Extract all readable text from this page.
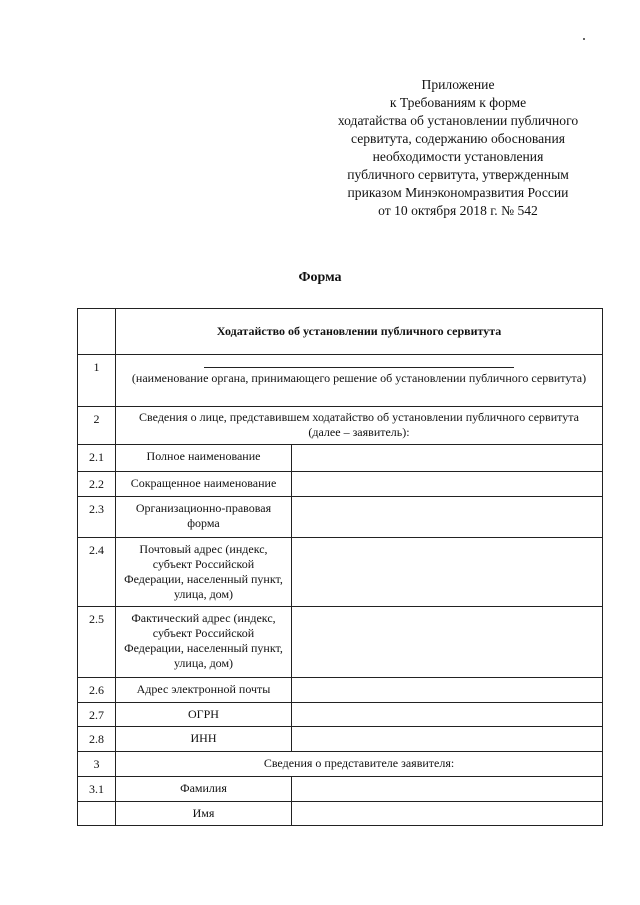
Приложение
к Требованиям к форме
ходатайства об установлении публичного
сервитута, содержанию обоснования
необходимости установления
публичного сервитута, утвержденным
приказом Минэкономразвития России
от 10 октября 2018 г. № 542
Форма
	Ходатайство об установлении публичного сервитута	
1	(наименование органа, принимающего решение об установлении публичного сервитута)	

2	Сведения о лице, представившем ходатайство об установлении публичного сервитута (далее – заявитель):	
2.1	Полное наименование	
2.2	Сокращенное наименование	
2.3	Организационно-правовая форма	
2.4	Почтовый адрес (индекс, субъект Российской Федерации, населенный пункт, улица, дом)	
2.5	Фактический адрес (индекс, субъект Российской Федерации, населенный пункт, улица, дом)	
2.6	Адрес электронной почты	
2.7	ОГРН	
2.8	ИНН	
3	Сведения о представителе заявителя:	
3.1	Фамилия	
	Имя	
